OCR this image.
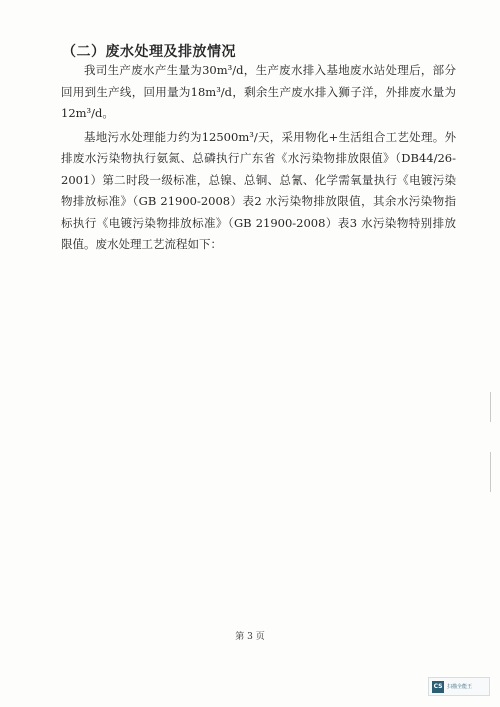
（二）废水处理及排放情况

我司生产废水产生量为30m³/d，生产废水排入基地废水站处理后，部分回用到生产线，回用量为18m³/d，剩余生产废水排入狮子洋，外排废水量为12m³/d。

基地污水处理能力约为12500m³/天，采用物化+生活组合工艺处理。外排废水污染物执行氨氮、总磷执行广东省《水污染物排放限值》（DB44/26-2001）第二时段一级标准，总镍、总铜、总氰、化学需氧量执行《电镀污染物排放标准》（GB 21900-2008）表2 水污染物排放限值，其余水污染物指标执行《电镀污染物排放标准》（GB 21900-2008）表3 水污染物特别排放限值。废水处理工艺流程如下：

第 3 页
CS 扫描全能王
